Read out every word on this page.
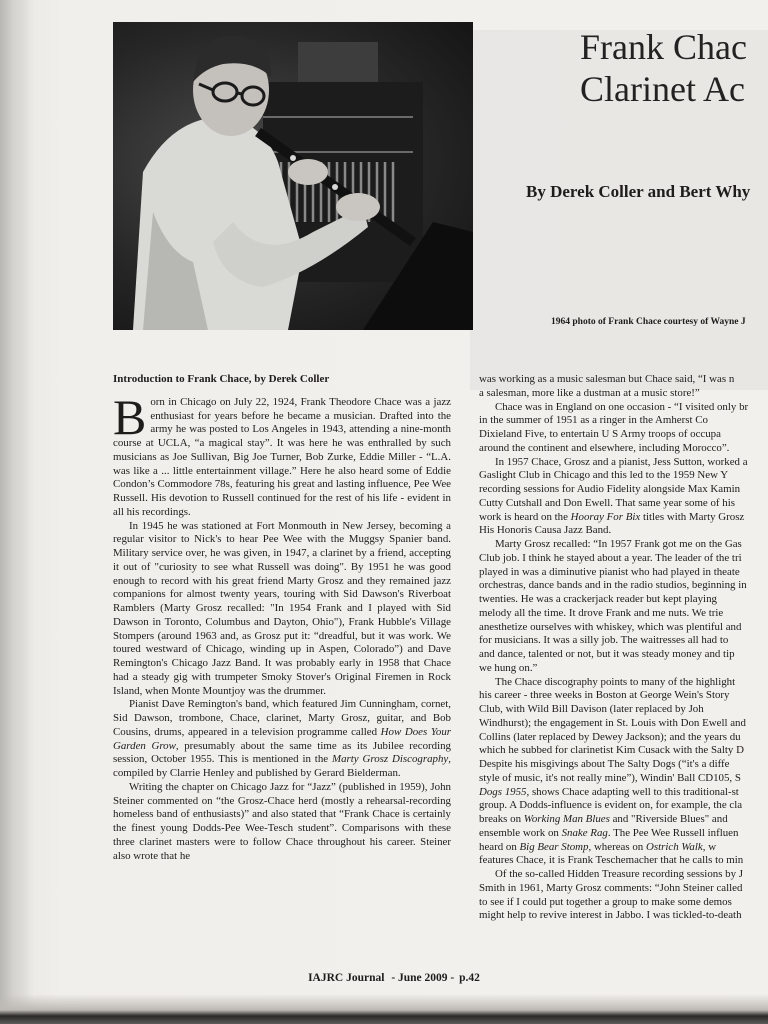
Frank Chac
Clarinet Ac
By Derek Coller and Bert Why
1964 photo of Frank Chace courtesy of Wayne J
Introduction to Frank Chace, by Derek Coller

Born in Chicago on July 22, 1924, Frank Theodore Chace was a jazz enthusiast for years before he became a musician. Drafted into the army he was posted to Los Angeles in 1943, attending a nine-month course at UCLA, “a magical stay”. It was here he was enthralled by such musicians as Joe Sullivan, Big Joe Turner, Bob Zurke, Eddie Miller - “L.A. was like a ... little entertainment village.” Here he also heard some of Eddie Condon’s Commodore 78s, featuring his great and lasting influence, Pee Wee Russell. His devotion to Russell continued for the rest of his life - evident in all his recordings.

In 1945 he was stationed at Fort Monmouth in New Jersey, becoming a regular visitor to Nick's to hear Pee Wee with the Muggsy Spanier band. Military service over, he was given, in 1947, a clarinet by a friend, accepting it out of "curiosity to see what Russell was doing". By 1951 he was good enough to record with his great friend Marty Grosz and they remained jazz companions for almost twenty years, touring with Sid Dawson's Riverboat Ramblers (Marty Grosz recalled: "In 1954 Frank and I played with Sid Dawson in Toronto, Columbus and Dayton, Ohio"), Frank Hubble's Village Stompers (around 1963 and, as Grosz put it: “dreadful, but it was work. We toured westward of Chicago, winding up in Aspen, Colorado”) and Dave Remington's Chicago Jazz Band. It was probably early in 1958 that Chace had a steady gig with trumpeter Smoky Stover's Original Firemen in Rock Island, when Monte Mountjoy was the drummer.

Pianist Dave Remington's band, which featured Jim Cunningham, cornet, Sid Dawson, trombone, Chace, clarinet, Marty Grosz, guitar, and Bob Cousins, drums, appeared in a television programme called How Does Your Garden Grow, presumably about the same time as its Jubilee recording session, October 1955. This is mentioned in the Marty Grosz Discography, compiled by Clarrie Henley and published by Gerard Bielderman.

Writing the chapter on Chicago Jazz for “Jazz” (published in 1959), John Steiner commented on “the Grosz-Chace herd (mostly a rehearsal-recording homeless band of enthusiasts)” and also stated that “Frank Chace is certainly the finest young Dodds-Pee Wee-Tesch student”. Comparisons with these three clarinet masters were to follow Chace throughout his career. Steiner also wrote that he

was working as a music salesman but Chace said, “I was n

a salesman, more like a dustman at a music store!”

Chace was in England on one occasion - “I visited only br

in the summer of 1951 as a ringer in the Amherst Co

Dixieland Five, to entertain U S Army troops of occupa

around the continent and elsewhere, including Morocco”.

In 1957 Chace, Grosz and a pianist, Jess Sutton, worked a

Gaslight Club in Chicago and this led to the 1959 New Y

recording sessions for Audio Fidelity alongside Max Kamin

Cutty Cutshall and Don Ewell. That same year some of his

work is heard on the Hooray For Bix titles with Marty Grosz

His Honoris Causa Jazz Band.

Marty Grosz recalled: “In 1957 Frank got me on the Gas

Club job. I think he stayed about a year. The leader of the tri

played in was a diminutive pianist who had played in theate

orchestras, dance bands and in the radio studios, beginning in

twenties. He was a crackerjack reader but kept playing

melody all the time. It drove Frank and me nuts. We trie

anesthetize ourselves with whiskey, which was plentiful and

for musicians. It was a silly job. The waitresses all had to

and dance, talented or not, but it was steady money and tip

we hung on.”

The Chace discography points to many of the highlight

his career - three weeks in Boston at George Wein's Story

Club, with Wild Bill Davison (later replaced by Joh

Windhurst); the engagement in St. Louis with Don Ewell and

Collins (later replaced by Dewey Jackson); and the years du

which he subbed for clarinetist Kim Cusack with the Salty D

Despite his misgivings about The Salty Dogs (“it's a diffe

style of music, it's not really mine”), Windin' Ball CD105, S

Dogs 1955, shows Chace adapting well to this traditional-st

group. A Dodds-influence is evident on, for example, the cla

breaks on Working Man Blues and "Riverside Blues" and

ensemble work on Snake Rag. The Pee Wee Russell influen

heard on Big Bear Stomp, whereas on Ostrich Walk, w

features Chace, it is Frank Teschemacher that he calls to min

Of the so-called Hidden Treasure recording sessions by J

Smith in 1961, Marty Grosz comments: “John Steiner called

to see if I could put together a group to make some demos

might help to revive interest in Jabbo. I was tickled-to-death

IAJRC Journal - June 2009 - p.42
